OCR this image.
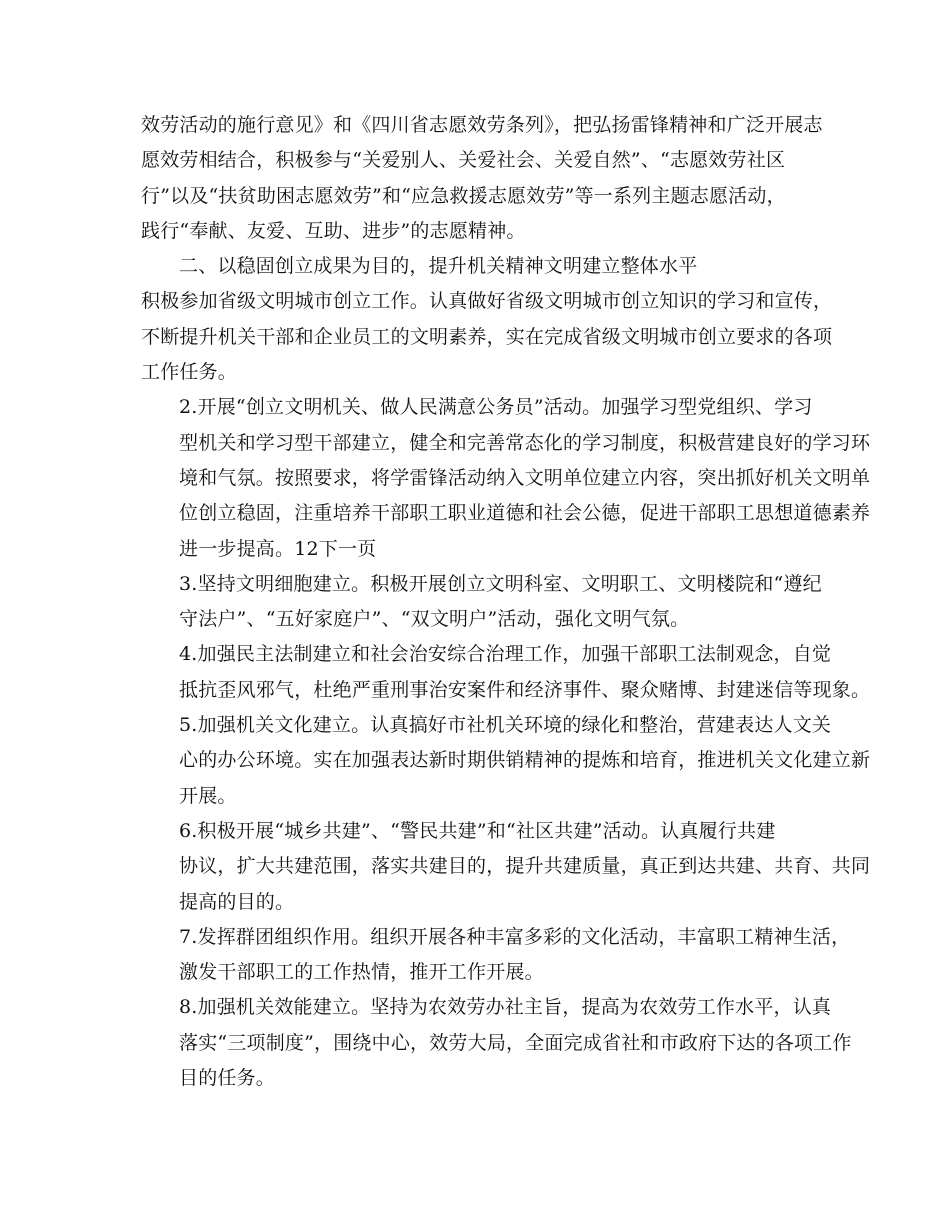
效劳活动的施行意见》和《四川省志愿效劳条列》，把弘扬雷锋精神和广泛开展志
愿效劳相结合，积极参与“关爱别人、关爱社会、关爱自然”、“志愿效劳社区
行”以及“扶贫助困志愿效劳”和“应急救援志愿效劳”等一系列主题志愿活动，
践行“奉献、友爱、互助、进步”的志愿精神。

二、以稳固创立成果为目的，提升机关精神文明建立整体水平

积极参加省级文明城市创立工作。认真做好省级文明城市创立知识的学习和宣传，
不断提升机关干部和企业员工的文明素养，实在完成省级文明城市创立要求的各项
工作任务。

2.开展“创立文明机关、做人民满意公务员”活动。加强学习型党组织、学习
型机关和学习型干部建立，健全和完善常态化的学习制度，积极营建良好的学习环
境和气氛。按照要求，将学雷锋活动纳入文明单位建立内容，突出抓好机关文明单
位创立稳固，注重培养干部职工职业道德和社会公德，促进干部职工思想道德素养
进一步提高。12下一页

3.坚持文明细胞建立。积极开展创立文明科室、文明职工、文明楼院和“遵纪
守法户”、“五好家庭户”、“双文明户”活动，强化文明气氛。

4.加强民主法制建立和社会治安综合治理工作，加强干部职工法制观念，自觉
抵抗歪风邪气，杜绝严重刑事治安案件和经济事件、聚众赌博、封建迷信等现象。

5.加强机关文化建立。认真搞好市社机关环境的绿化和整治，营建表达人文关
心的办公环境。实在加强表达新时期供销精神的提炼和培育，推进机关文化建立新
开展。

6.积极开展“城乡共建”、“警民共建”和“社区共建”活动。认真履行共建
协议，扩大共建范围，落实共建目的，提升共建质量，真正到达共建、共育、共同
提高的目的。

7.发挥群团组织作用。组织开展各种丰富多彩的文化活动，丰富职工精神生活，
激发干部职工的工作热情，推开工作开展。

8.加强机关效能建立。坚持为农效劳办社主旨，提高为农效劳工作水平，认真
落实“三项制度”，围绕中心，效劳大局，全面完成省社和市政府下达的各项工作
目的任务。
